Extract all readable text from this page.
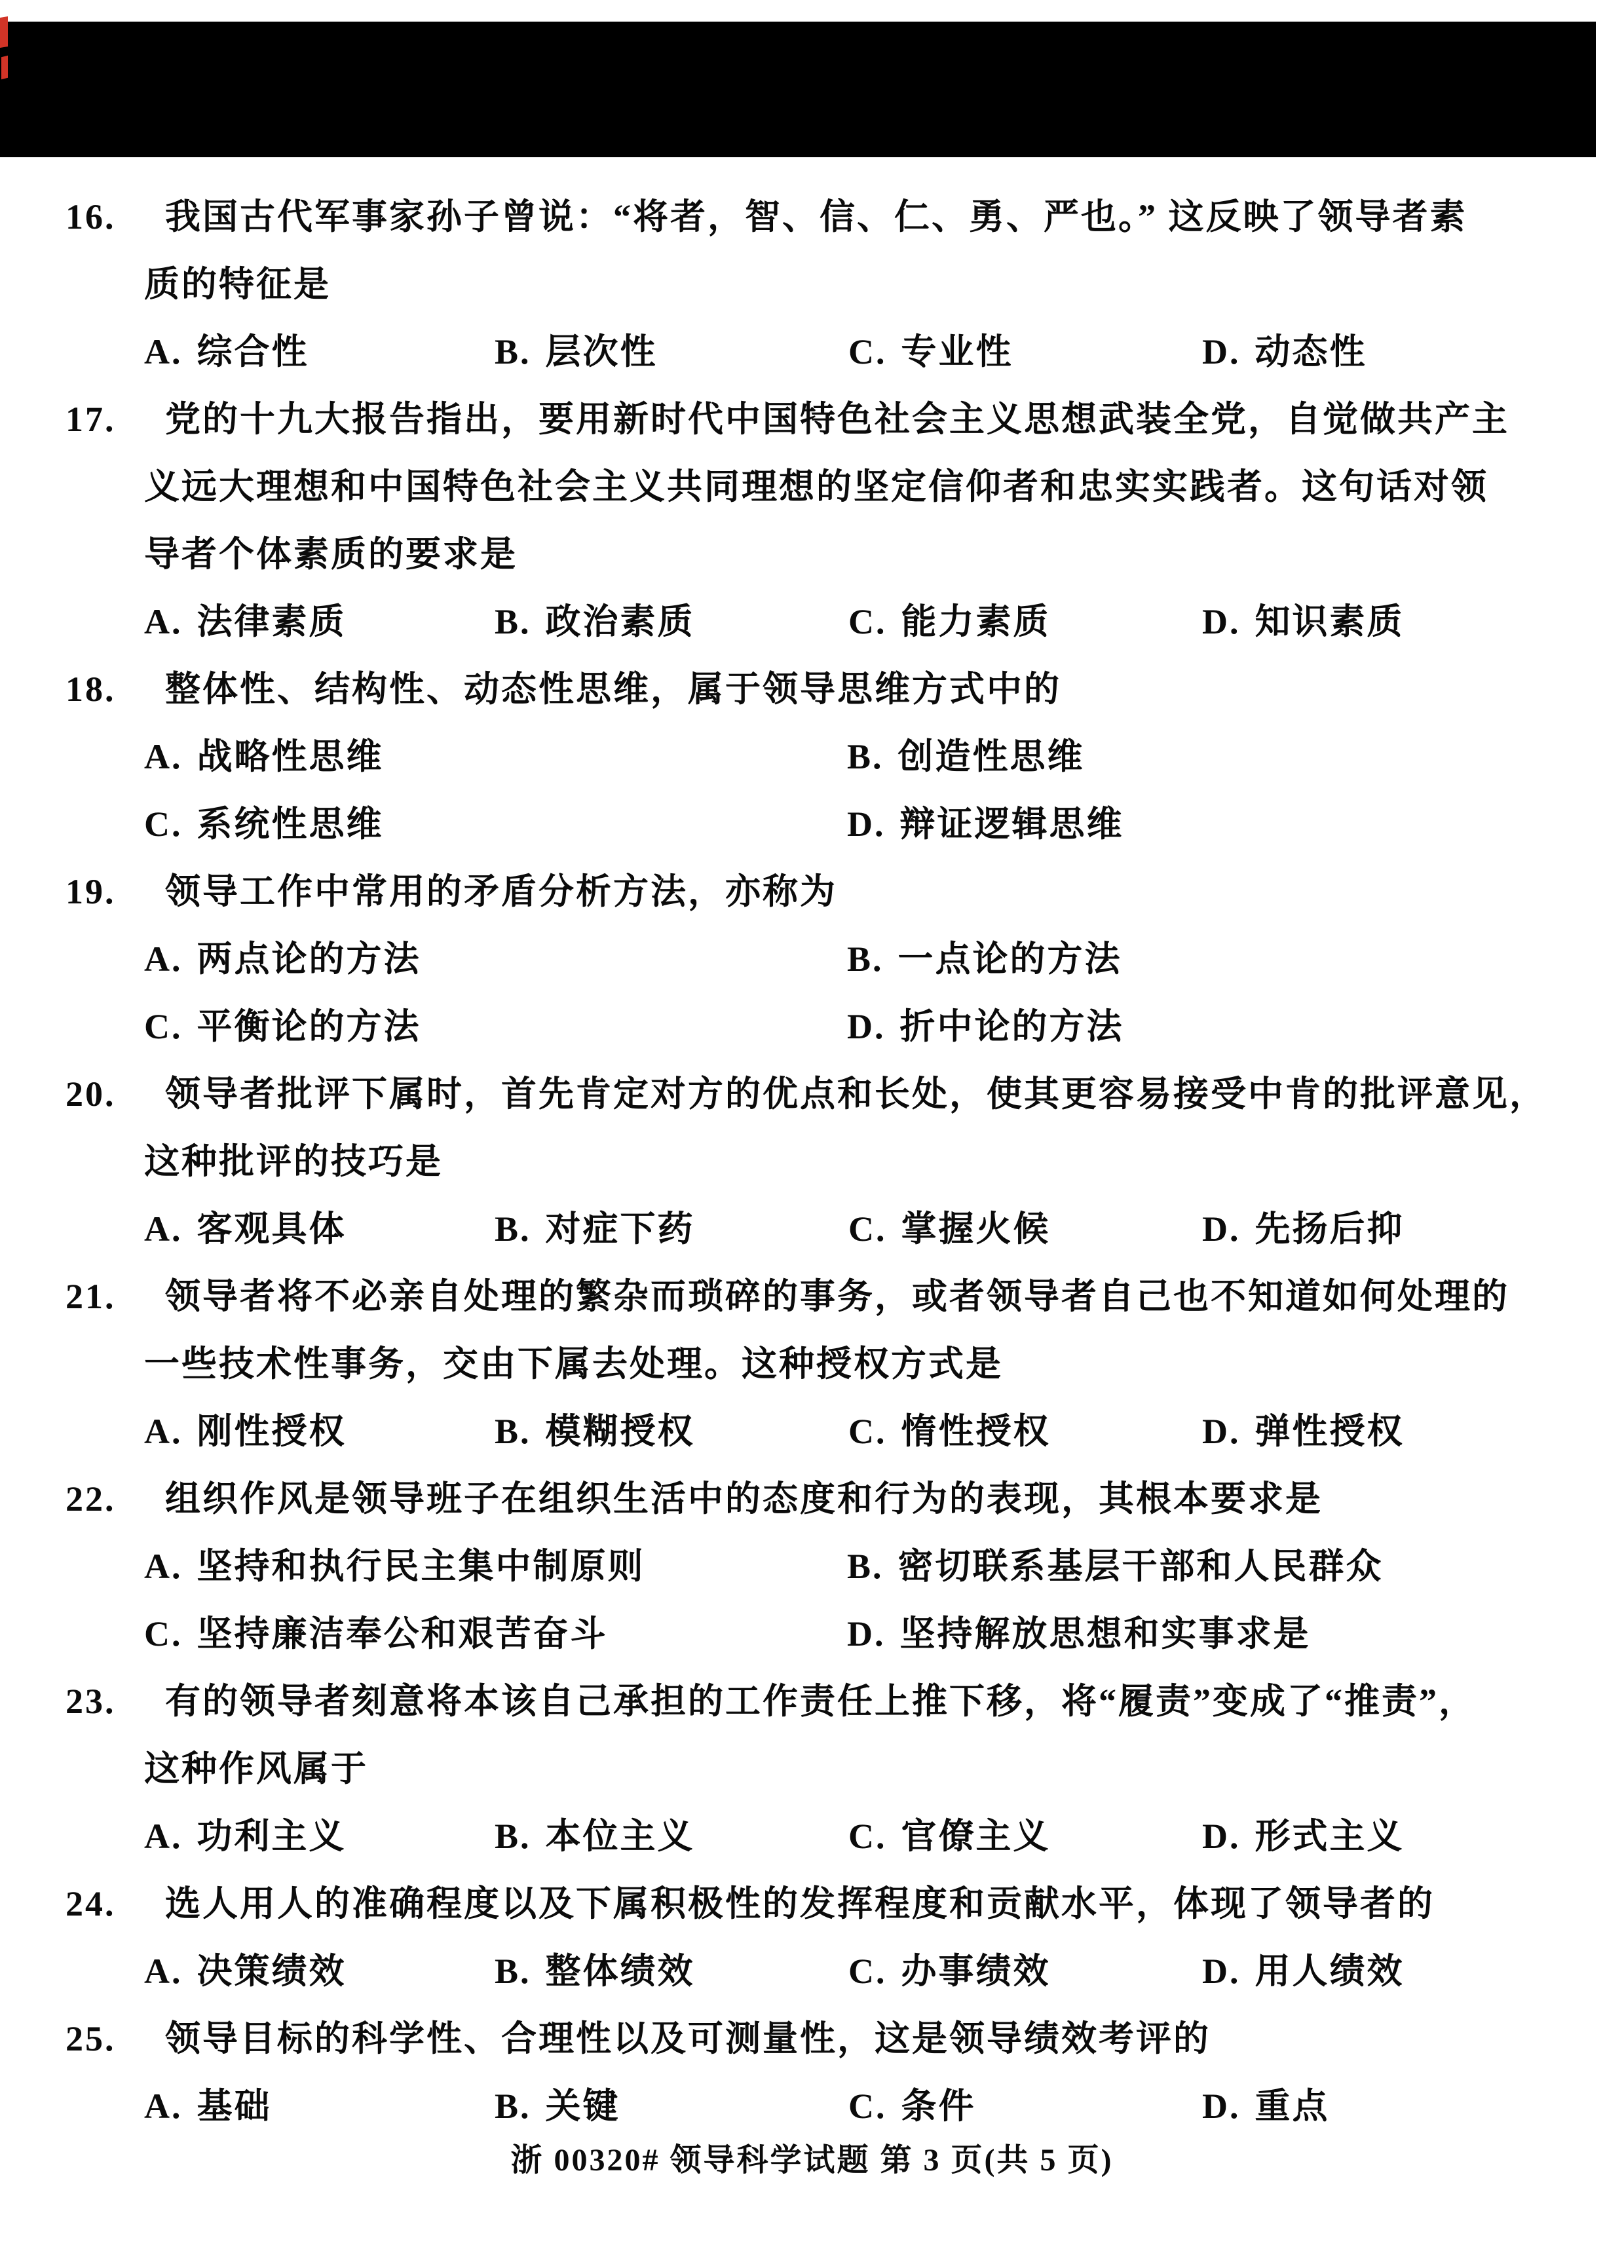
16. 我国古代军事家孙子曾说：“将者，智、信、仁、勇、严也。” 这反映了领导者素
质的特征是
A. 综合性	B. 层次性	C. 专业性	D. 动态性
17. 党的十九大报告指出，要用新时代中国特色社会主义思想武装全党，自觉做共产主
义远大理想和中国特色社会主义共同理想的坚定信仰者和忠实实践者。这句话对领
导者个体素质的要求是
A. 法律素质	B. 政治素质	C. 能力素质	D. 知识素质
18. 整体性、结构性、动态性思维，属于领导思维方式中的
A. 战略性思维	B. 创造性思维
C. 系统性思维	D. 辩证逻辑思维
19. 领导工作中常用的矛盾分析方法，亦称为
A. 两点论的方法	B. 一点论的方法
C. 平衡论的方法	D. 折中论的方法
20. 领导者批评下属时，首先肯定对方的优点和长处，使其更容易接受中肯的批评意见，
这种批评的技巧是
A. 客观具体	B. 对症下药	C. 掌握火候	D. 先扬后抑
21. 领导者将不必亲自处理的繁杂而琐碎的事务，或者领导者自己也不知道如何处理的
一些技术性事务，交由下属去处理。这种授权方式是
A. 刚性授权	B. 模糊授权	C. 惰性授权	D. 弹性授权
22. 组织作风是领导班子在组织生活中的态度和行为的表现，其根本要求是
A. 坚持和执行民主集中制原则	B. 密切联系基层干部和人民群众
C. 坚持廉洁奉公和艰苦奋斗	D. 坚持解放思想和实事求是
23. 有的领导者刻意将本该自己承担的工作责任上推下移，将“履责”变成了“推责”，
这种作风属于
A. 功利主义	B. 本位主义	C. 官僚主义	D. 形式主义
24. 选人用人的准确程度以及下属积极性的发挥程度和贡献水平，体现了领导者的
A. 决策绩效	B. 整体绩效	C. 办事绩效	D. 用人绩效
25. 领导目标的科学性、合理性以及可测量性，这是领导绩效考评的
A. 基础	B. 关键	C. 条件	D. 重点
浙 00320# 领导科学试题 第 3 页(共 5 页)
